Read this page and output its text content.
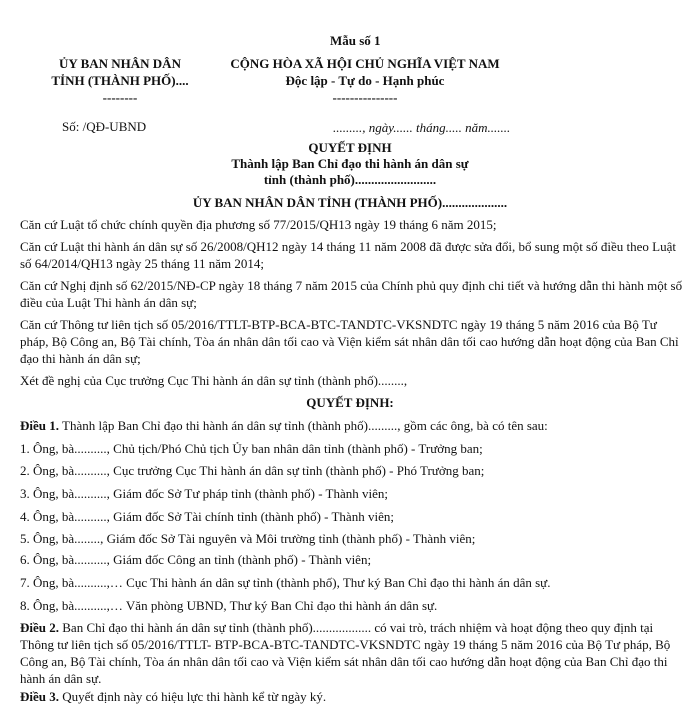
Mẫu số 1
ỦY BAN NHÂN DÂN
TỈNH (THÀNH PHỐ)....
--------
CỘNG HÒA XÃ HỘI CHỦ NGHĨA VIỆT NAM
Độc lập - Tự do - Hạnh phúc
---------------
Số: /QĐ-UBND	........., ngày...... tháng..... năm.......
QUYẾT ĐỊNH
Thành lập Ban Chỉ đạo thi hành án dân sự
tỉnh (thành phố).........................
ỦY BAN NHÂN DÂN TỈNH (THÀNH PHỐ)....................
Căn cứ Luật tổ chức chính quyền địa phương số 77/2015/QH13 ngày 19 tháng 6 năm 2015;
Căn cứ Luật thi hành án dân sự số 26/2008/QH12 ngày 14 tháng 11 năm 2008 đã được sửa đổi, bổ sung một số điều theo Luật số 64/2014/QH13 ngày 25 tháng 11 năm 2014;
Căn cứ Nghị định số 62/2015/NĐ-CP ngày 18 tháng 7 năm 2015 của Chính phủ quy định chi tiết và hướng dẫn thi hành một số điều của Luật Thi hành án dân sự;
Căn cứ Thông tư liên tịch số 05/2016/TTLT-BTP-BCA-BTC-TANDTC-VKSNDTC ngày 19 tháng 5 năm 2016 của Bộ Tư pháp, Bộ Công an, Bộ Tài chính, Tòa án nhân dân tối cao và Viện kiểm sát nhân dân tối cao hướng dẫn hoạt động của Ban Chỉ đạo thi hành án dân sự;
Xét đề nghị của Cục trưởng Cục Thi hành án dân sự tỉnh (thành phố)........,
QUYẾT ĐỊNH:
Điều 1. Thành lập Ban Chỉ đạo thi hành án dân sự tỉnh (thành phố)........., gồm các ông, bà có tên sau:
1. Ông, bà.........., Chủ tịch/Phó Chủ tịch Ủy ban nhân dân tỉnh (thành phố) - Trưởng ban;
2. Ông, bà.........., Cục trưởng Cục Thi hành án dân sự tỉnh (thành phố) - Phó Trưởng ban;
3. Ông, bà.........., Giám đốc Sở Tư pháp tỉnh (thành phố) - Thành viên;
4. Ông, bà.........., Giám đốc Sở Tài chính tỉnh (thành phố) - Thành viên;
5. Ông, bà........, Giám đốc Sở Tài nguyên và Môi trường tỉnh (thành phố) - Thành viên;
6. Ông, bà.........., Giám đốc Công an tỉnh (thành phố) - Thành viên;
7. Ông, bà..........,… Cục Thi hành án dân sự tỉnh (thành phố), Thư ký Ban Chỉ đạo thi hành án dân sự.
8. Ông, bà..........,… Văn phòng UBND, Thư ký Ban Chỉ đạo thi hành án dân sự.
Điều 2. Ban Chỉ đạo thi hành án dân sự tỉnh (thành phố).................. có vai trò, trách nhiệm và hoạt động theo quy định tại Thông tư liên tịch số 05/2016/TTLT- BTP-BCA-BTC-TANDTC-VKSNDTC ngày 19 tháng 5 năm 2016 của Bộ Tư pháp, Bộ Công an, Bộ Tài chính, Tòa án nhân dân tối cao và Viện kiểm sát nhân dân tối cao hướng dẫn hoạt động của Ban Chỉ đạo thi hành án dân sự.
Điều 3. Quyết định này có hiệu lực thi hành kể từ ngày ký.
